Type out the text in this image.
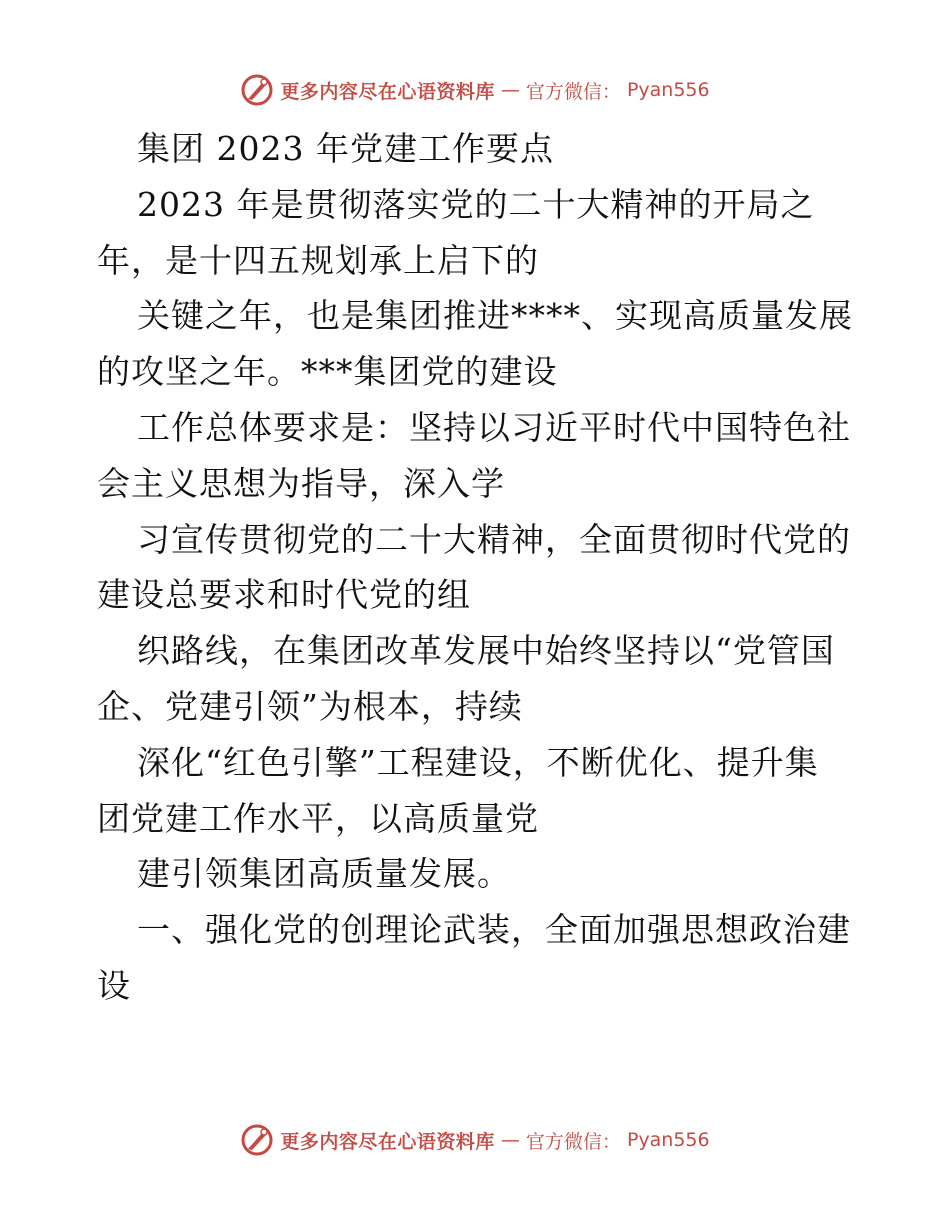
更多内容尽在心语资料库 — 官方微信： Pyan556
集团 2023 年党建工作要点
2023 年是贯彻落实党的二十大精神的开局之
年，是十四五规划承上启下的
关键之年，也是集团推进****、实现高质量发展
的攻坚之年。***集团党的建设
工作总体要求是：坚持以习近平时代中国特色社
会主义思想为指导，深入学
习宣传贯彻党的二十大精神，全面贯彻时代党的
建设总要求和时代党的组
织路线，在集团改革发展中始终坚持以“党管国
企、党建引领”为根本，持续
深化“红色引擎”工程建设，不断优化、提升集
团党建工作水平，以高质量党
建引领集团高质量发展。
一、强化党的创理论武装，全面加强思想政治建
设
更多内容尽在心语资料库 — 官方微信： Pyan556
